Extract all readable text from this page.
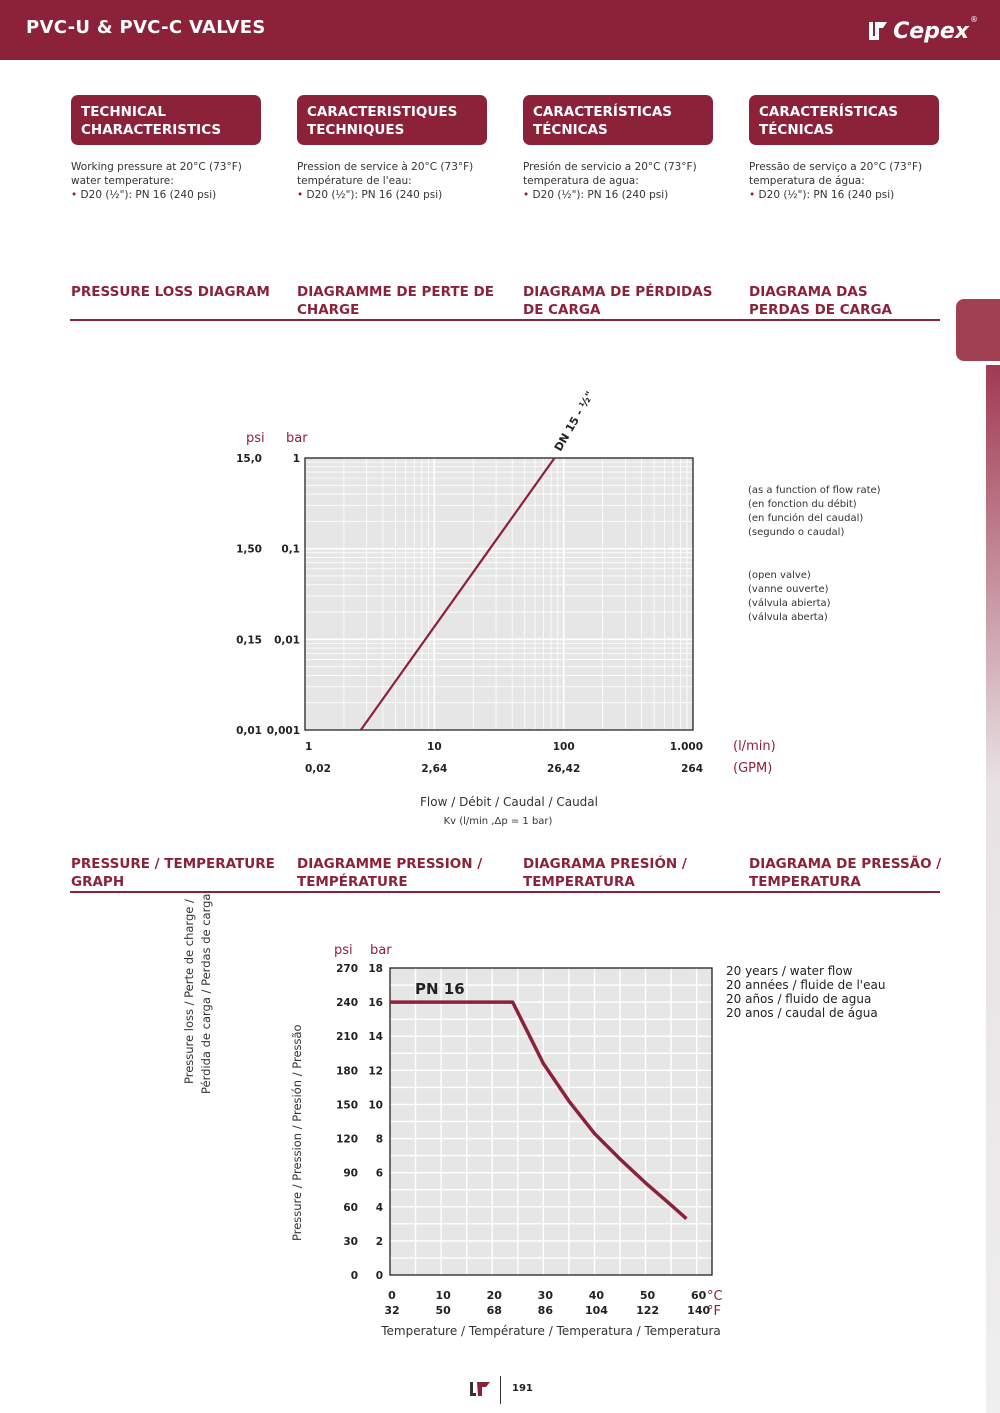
PVC-U & PVC-C VALVES	Cepex ®
TECHNICAL CHARACTERISTICS
CARACTERISTIQUES TECHNIQUES
CARACTERÍSTICAS TÉCNICAS
CARACTERÍSTICAS TÉCNICAS
Working pressure at 20°C (73°F) water temperature:
• D20 (½"): PN 16 (240 psi)
Pression de service à 20°C (73°F) température de l'eau:
• D20 (½"): PN 16 (240 psi)
Presión de servicio a 20°C (73°F) temperatura de agua:
• D20 (½"): PN 16 (240 psi)
Pressão de serviço a 20°C (73°F) temperatura de água:
• D20 (½"): PN 16 (240 psi)
PRESSURE LOSS DIAGRAM DIAGRAMME DE PERTE DE CHARGE
DIAGRAMA DE PÉRDIDAS DE CARGA
DIAGRAMA DAS PERDAS DE CARGA
psi bar
15,0	1
1,50 0,1
0,15 0,01
0,01 0,001
1
0,02
10
2,64
100
26,42
1.000
264
Pressure loss / Perte de charge / Pérdida de carga / Perdas de carga
(l/min)
(GPM)
Flow / Débit / Caudal / Caudal
Kv (l/min ,Δp = 1 bar)
DN 15 - ½"
(as a function of flow rate)
(en fonction du débit)
(en función del caudal)
(segundo o caudal)
(open valve)
(vanne ouverte)
(válvula abierta)
(válvula aberta)
PRESSURE / TEMPERATURE GRAPH
DIAGRAMME PRESSION / TEMPÉRATURE
DIAGRAMA PRESIÓN / TEMPERATURA
DIAGRAMA DE PRESSÃO / TEMPERATURA
psi bar
270 18
240 16
210 14
180 12
150 10
120 8
90 6
60 4
30 2
0 0
0
32
10
50
20
68
30
86
40
104
50
122
60
140
Pressure / Pression / Presión / Pressão
PN 16
°C
°F
Temperature / Température / Temperatura / Temperatura
20 years / water flow
20 années / fluide de l'eau
20 años / fluido de agua
20 anos / caudal de água
191
